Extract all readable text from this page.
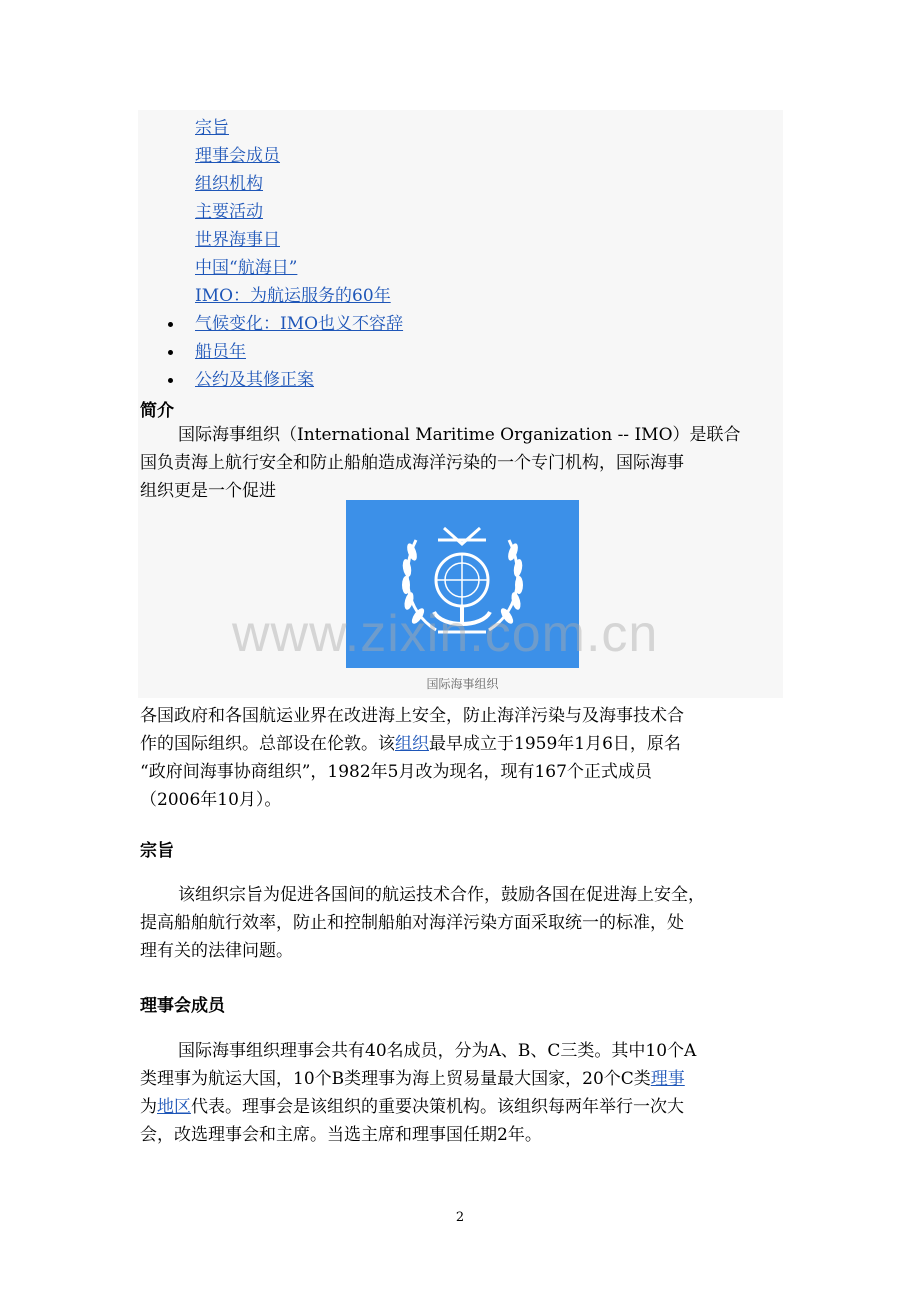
宗旨
理事会成员
组织机构
主要活动
世界海事日
中国“航海日”
IMO：为航运服务的60年
气候变化：IMO也义不容辞
船员年
公约及其修正案
简介
国际海事组织（International Maritime Organization -- IMO）是联合
国负责海上航行安全和防止船舶造成海洋污染的一个专门机构，国际海事
组织更是一个促进
www.zixin.com.cn
国际海事组织
各国政府和各国航运业界在改进海上安全，防止海洋污染与及海事技术合
作的国际组织。总部设在伦敦。该组织最早成立于1959年1月6日，原名
“政府间海事协商组织”，1982年5月改为现名，现有167个正式成员
（2006年10月）。
宗旨
该组织宗旨为促进各国间的航运技术合作，鼓励各国在促进海上安全，
提高船舶航行效率，防止和控制船舶对海洋污染方面采取统一的标准，处
理有关的法律问题。
理事会成员
国际海事组织理事会共有40名成员，分为A、B、C三类。其中10个A
类理事为航运大国，10个B类理事为海上贸易量最大国家，20个C类理事
为地区代表。理事会是该组织的重要决策机构。该组织每两年举行一次大
会，改选理事会和主席。当选主席和理事国任期2年。
2
